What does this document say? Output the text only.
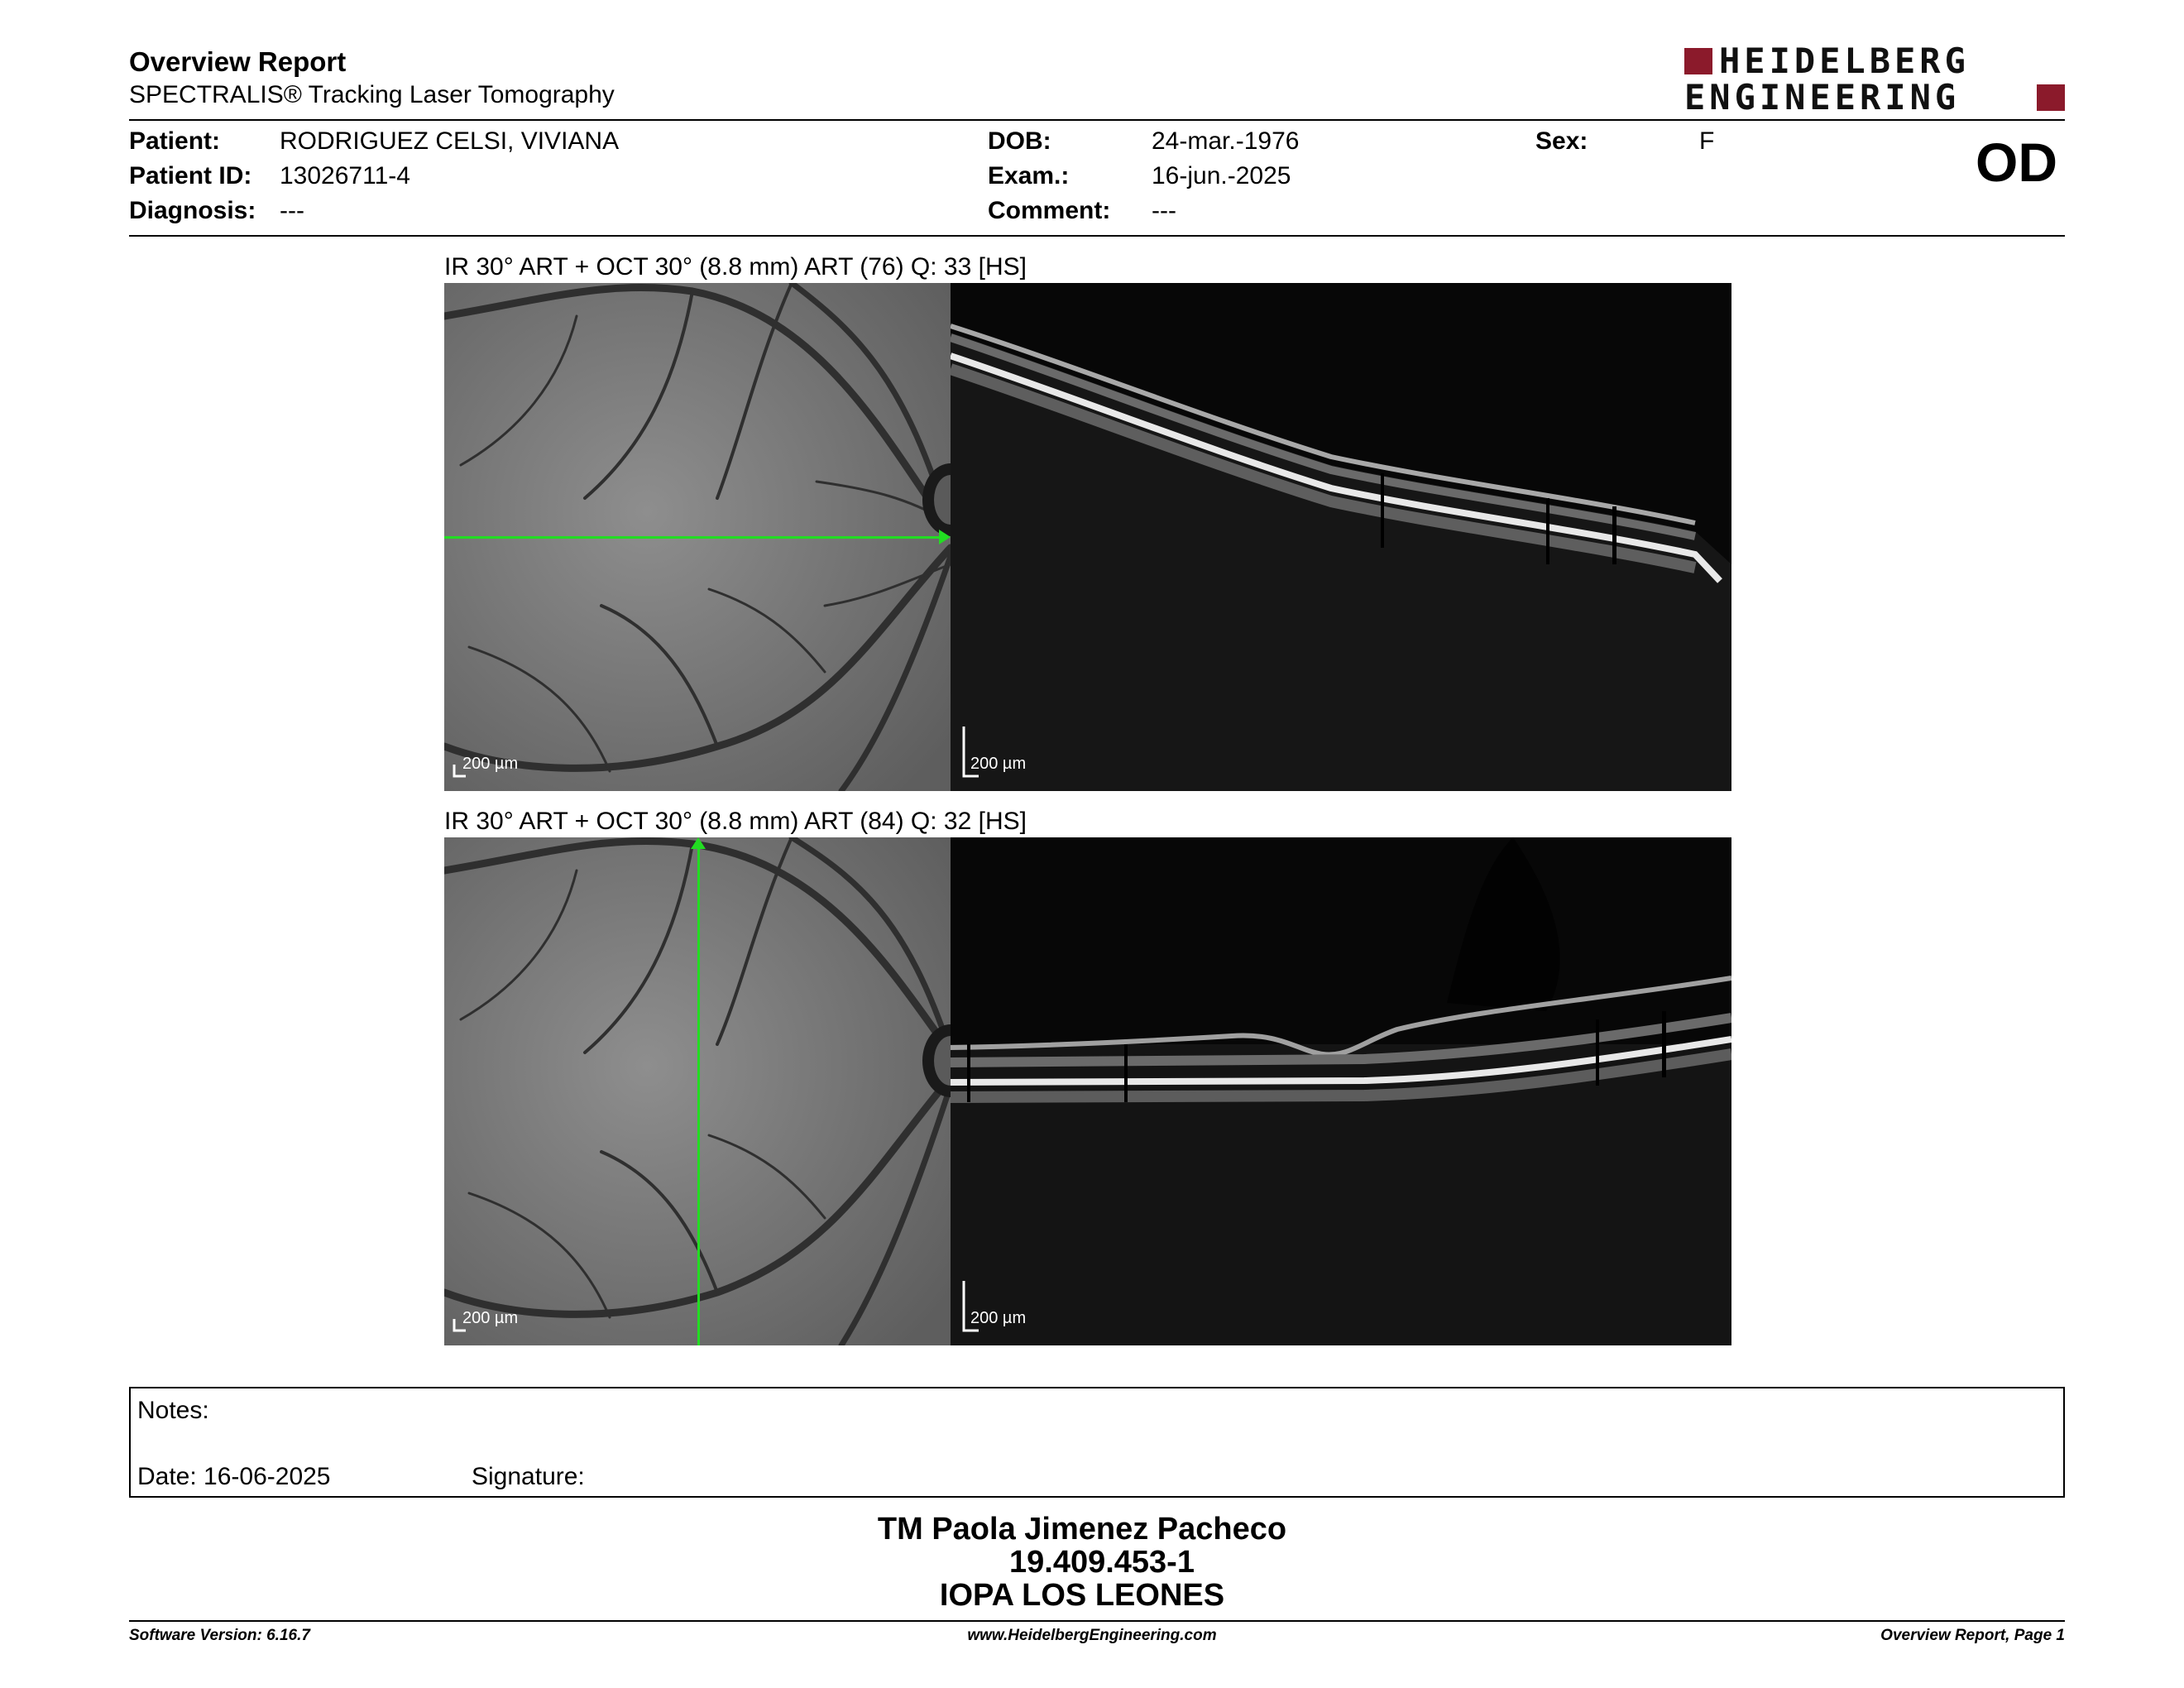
Overview Report
SPECTRALIS® Tracking Laser Tomography
HEIDELBERG
ENGINEERING
Patient: RODRIGUEZ CELSI, VIVIANA
Patient ID: 13026711-4
Diagnosis: ---
DOB:	24-mar.-1976
Exam.:	16-jun.-2025
Comment: ---
Sex:	F	OD
IR 30° ART + OCT 30° (8.8 mm) ART (76) Q: 33 [HS]
200 µm	200 µm
IR 30° ART + OCT 30° (8.8 mm) ART (84) Q: 32 [HS]
200 µm	200 µm
Notes:
Date: 16-06-2025	Signature:
TM Paola Jimenez Pacheco
19.409.453-1
IOPA LOS LEONES
Software Version: 6.16.7	www.HeidelbergEngineering.com	Overview Report, Page 1
